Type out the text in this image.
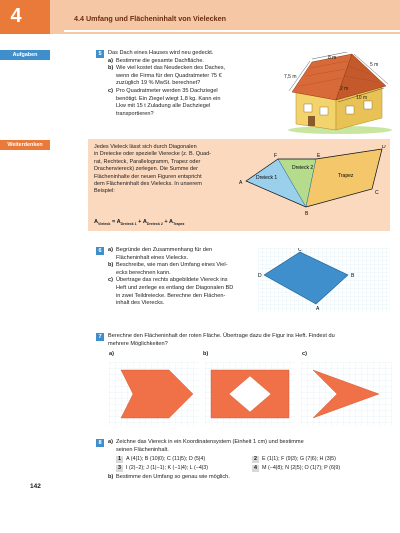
4	4.4 Umfang und Flächeninhalt von Vielecken
Aufgaben
Weiterdenken
5	Das Dach eines Hauses wird neu gedeckt.
a) Bestimme die gesamte Dachfläche.
b) Wie viel kostet das Neudecken des Daches,
wenn die Firma für den Quadratmeter 75 €
zuzüglich 19 % MwSt. berechnet?
c) Pro Quadratmeter werden 35 Dachziegel
benötigt. Ein Ziegel wiegt 1,8 kg. Kann ein
Lkw mit 15 t Zuladung alle Dachziegel
transportieren?
8 m
5 m
7,5 m
2 m
10 m
Jedes Vieleck lässt sich durch Diagonalen
in Dreiecke oder spezielle Vierecke (z. B. Quad-
rat, Rechteck, Parallelogramm, Trapez oder
Drachenviereck) zerlegen. Die Summe der
Flächeninhalte der neuen Figuren entspricht
dem Flächeninhalt des Vielecks. In unserem
Beispiel:
$A_{Vieleck} = A_{Dreieck 1} + A_{Dreieck 2} + A_{Trapez}$
A
B
C
D
E
F
Dreieck 1
Dreieck 2
Trapez
6	a) Begründe den Zusammenhang für den
Flächeninhalt eines Vielecks.
b) Beschreibe, wie man den Umfang eines Viel-
ecks berechnen kann.
c) Übertrage das rechts abgebildete Viereck ins
Heft und zerlege es entlang der Diagonalen BD
in zwei Teildreiecke. Berechne den Flächen-
inhalt des Vierecks.
D
C
B
A
7	Berechne den Flächeninhalt der roten Fläche. Übertrage dazu die Figur ins Heft. Findest du
mehrere Möglichkeiten?
a)	b)	c)
8	a) Zeichne das Viereck in ein Koordinatensystem (Einheit 1 cm) und bestimme
seinen Flächeninhalt.
1 A (4|1); B (10|0); C (11|5); D (5|4)	2 E (1|1); F (9|3); G (7|6); H (3|5)
3 I (2|−2); J (1|−1); K (−1|4); L (−4|3)	4 M (−4|8); N (2|5); O (1|7); P (6|9)
b) Bestimme den Umfang so genau wie möglich.
142
